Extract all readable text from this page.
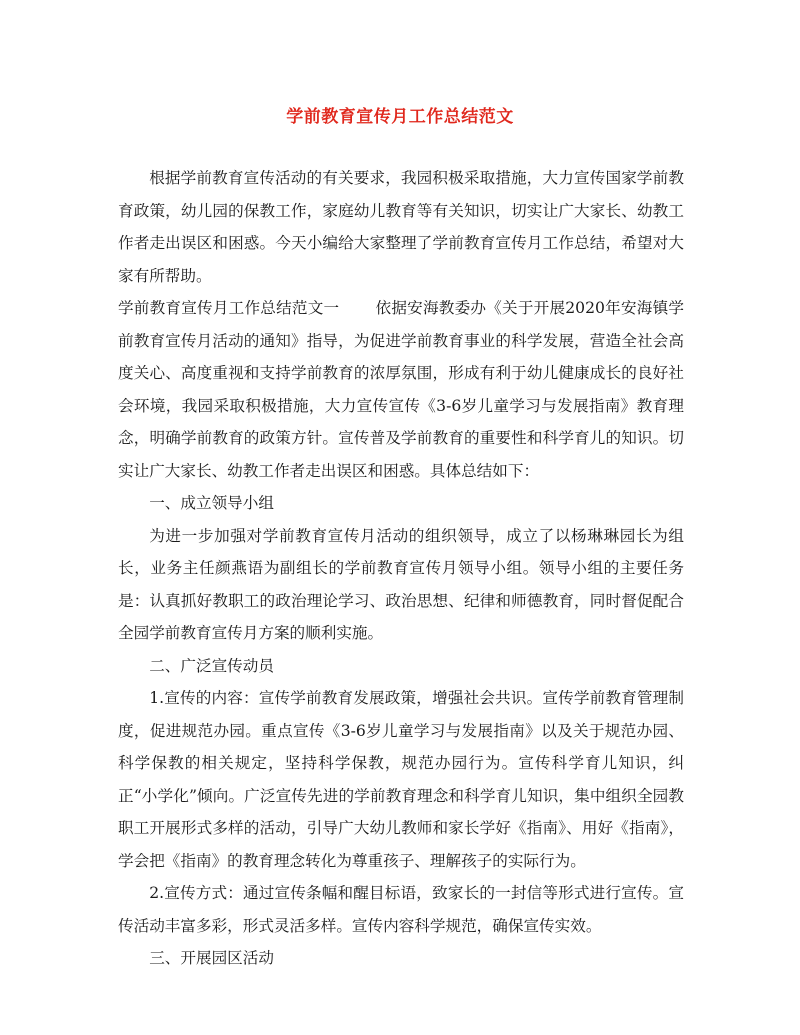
学前教育宣传月工作总结范文

根据学前教育宣传活动的有关要求，我园积极采取措施，大力宣传国家学前教育政策，幼儿园的保教工作，家庭幼儿教育等有关知识，切实让广大家长、幼教工作者走出误区和困惑。今天小编给大家整理了学前教育宣传月工作总结，希望对大家有所帮助。

学前教育宣传月工作总结范文一 依据安海教委办《关于开展2020年安海镇学前教育宣传月活动的通知》指导，为促进学前教育事业的科学发展，营造全社会高度关心、高度重视和支持学前教育的浓厚氛围，形成有利于幼儿健康成长的良好社会环境，我园采取积极措施，大力宣传宣传《3-6岁儿童学习与发展指南》教育理念，明确学前教育的政策方针。宣传普及学前教育的重要性和科学育儿的知识。切实让广大家长、幼教工作者走出误区和困惑。具体总结如下：

一、成立领导小组

为进一步加强对学前教育宣传月活动的组织领导，成立了以杨琳琳园长为组长，业务主任颜燕语为副组长的学前教育宣传月领导小组。领导小组的主要任务是：认真抓好教职工的政治理论学习、政治思想、纪律和师德教育，同时督促配合全园学前教育宣传月方案的顺利实施。

二、广泛宣传动员

1.宣传的内容：宣传学前教育发展政策，增强社会共识。宣传学前教育管理制度，促进规范办园。重点宣传《3-6岁儿童学习与发展指南》以及关于规范办园、科学保教的相关规定，坚持科学保教，规范办园行为。宣传科学育儿知识，纠正“小学化”倾向。广泛宣传先进的学前教育理念和科学育儿知识，集中组织全园教职工开展形式多样的活动，引导广大幼儿教师和家长学好《指南》、用好《指南》，学会把《指南》的教育理念转化为尊重孩子、理解孩子的实际行为。

2.宣传方式：通过宣传条幅和醒目标语，致家长的一封信等形式进行宣传。宣传活动丰富多彩，形式灵活多样。宣传内容科学规范，确保宣传实效。

三、开展园区活动
